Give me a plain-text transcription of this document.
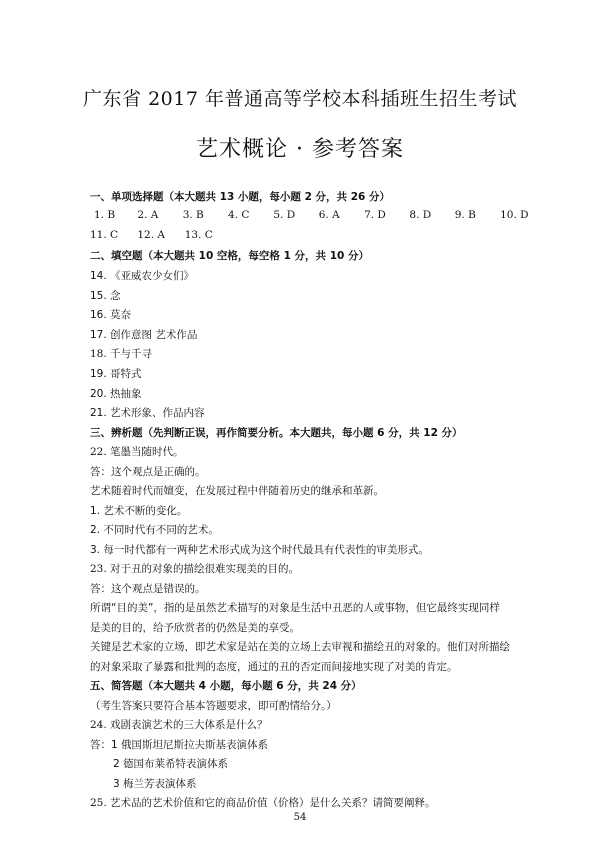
广东省 2017 年普通高等学校本科插班生招生考试
艺术概论 · 参考答案
一、单项选择题（本大题共 13 小题，每小题 2 分，共 26 分）
1. B 2. A 3. B 4. C 5. D 6. A 7. D 8. D 9. B 10. D
11. C 12. A 13. C
二、填空题（本大题共 10 空格，每空格 1 分，共 10 分）
14. 《亚威农少女们》
15. 念
16. 莫奈
17. 创作意图 艺术作品
18. 千与千寻
19. 哥特式
20. 热抽象
21. 艺术形象、作品内容
三、辨析题（先判断正误，再作简要分析。本大题共，每小题 6 分，共 12 分）
22. 笔墨当随时代。
答：这个观点是正确的。
艺术随着时代而嬗变，在发展过程中伴随着历史的继承和革新。
1. 艺术不断的变化。
2. 不同时代有不同的艺术。
3. 每一时代都有一两种艺术形式成为这个时代最具有代表性的审美形式。
23. 对于丑的对象的描绘很难实现美的目的。
答：这个观点是错误的。
所谓“目的美”，指的是虽然艺术描写的对象是生活中丑恶的人或事物，但它最终实现同样
是美的目的，给予欣赏者的仍然是美的享受。
关键是艺术家的立场，即艺术家是站在美的立场上去审视和描绘丑的对象的。他们对所描绘
的对象采取了暴露和批判的态度，通过的丑的否定而间接地实现了对美的肯定。
五、简答题（本大题共 4 小题，每小题 6 分，共 24 分）
（考生答案只要符合基本答题要求，即可酌情给分。）
24. 戏剧表演艺术的三大体系是什么？
答：1 俄国斯坦尼斯拉夫斯基表演体系
2 德国布莱希特表演体系
3 梅兰芳表演体系
25. 艺术品的艺术价值和它的商品价值（价格）是什么关系？请简要阐释。
54
